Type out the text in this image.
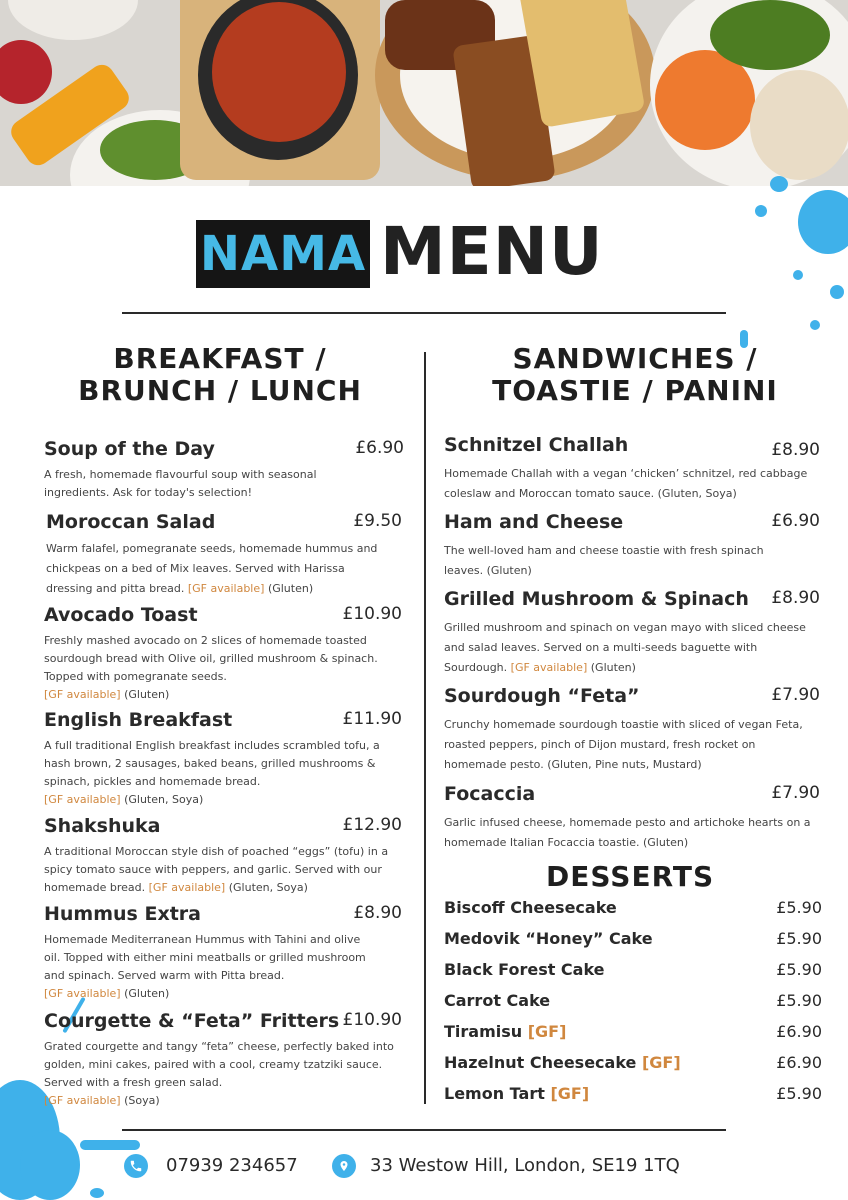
NAMA MENU
BREAKFAST /
BRUNCH / LUNCH
SANDWICHES /
TOASTIE / PANINI
Soup of the Day	£6.90
A fresh, homemade flavourful soup with seasonal ingredients. Ask for today's selection!
Moroccan Salad	£9.50
Warm falafel, pomegranate seeds, homemade hummus and chickpeas on a bed of Mix leaves. Served with Harissa dressing and pitta bread. [GF available] (Gluten)
Avocado Toast	£10.90
Freshly mashed avocado on 2 slices of homemade toasted sourdough bread with Olive oil, grilled mushroom & spinach. Topped with pomegranate seeds.
[GF available] (Gluten)
English Breakfast	£11.90
A full traditional English breakfast includes scrambled tofu, a hash brown, 2 sausages, baked beans, grilled mushrooms & spinach, pickles and homemade bread.
[GF available] (Gluten, Soya)
Shakshuka	£12.90
A traditional Moroccan style dish of poached “eggs” (tofu) in a spicy tomato sauce with peppers, and garlic. Served with our homemade bread. [GF available] (Gluten, Soya)
Hummus Extra	£8.90
Homemade Mediterranean Hummus with Tahini and olive oil. Topped with either mini meatballs or grilled mushroom and spinach. Served warm with Pitta bread.
[GF available] (Gluten)
Courgette & “Feta” Fritters £10.90
Grated courgette and tangy “feta” cheese, perfectly baked into golden, mini cakes, paired with a cool, creamy tzatziki sauce. Served with a fresh green salad.
[GF available] (Soya)
Schnitzel Challah	£8.90
Homemade Challah with a vegan ‘chicken’ schnitzel, red cabbage coleslaw and Moroccan tomato sauce. (Gluten, Soya)
Ham and Cheese	£6.90
The well-loved ham and cheese toastie with fresh spinach leaves. (Gluten)
Grilled Mushroom & Spinach £8.90
Grilled mushroom and spinach on vegan mayo with sliced cheese and salad leaves. Served on a multi-seeds baguette with Sourdough. [GF available] (Gluten)
Sourdough “Feta”	£7.90
Crunchy homemade sourdough toastie with sliced of vegan Feta, roasted peppers, pinch of Dijon mustard, fresh rocket on homemade pesto. (Gluten, Pine nuts, Mustard)
Focaccia	£7.90
Garlic infused cheese, homemade pesto and artichoke hearts on a homemade Italian Focaccia toastie. (Gluten)
DESSERTS
Biscoff Cheesecake	£5.90
Medovik “Honey” Cake	£5.90
Black Forest Cake	£5.90
Carrot Cake	£5.90
Tiramisu [GF]	£6.90
Hazelnut Cheesecake [GF]	£6.90
Lemon Tart [GF]	£5.90
07939 234657	33 Westow Hill, London, SE19 1TQ
